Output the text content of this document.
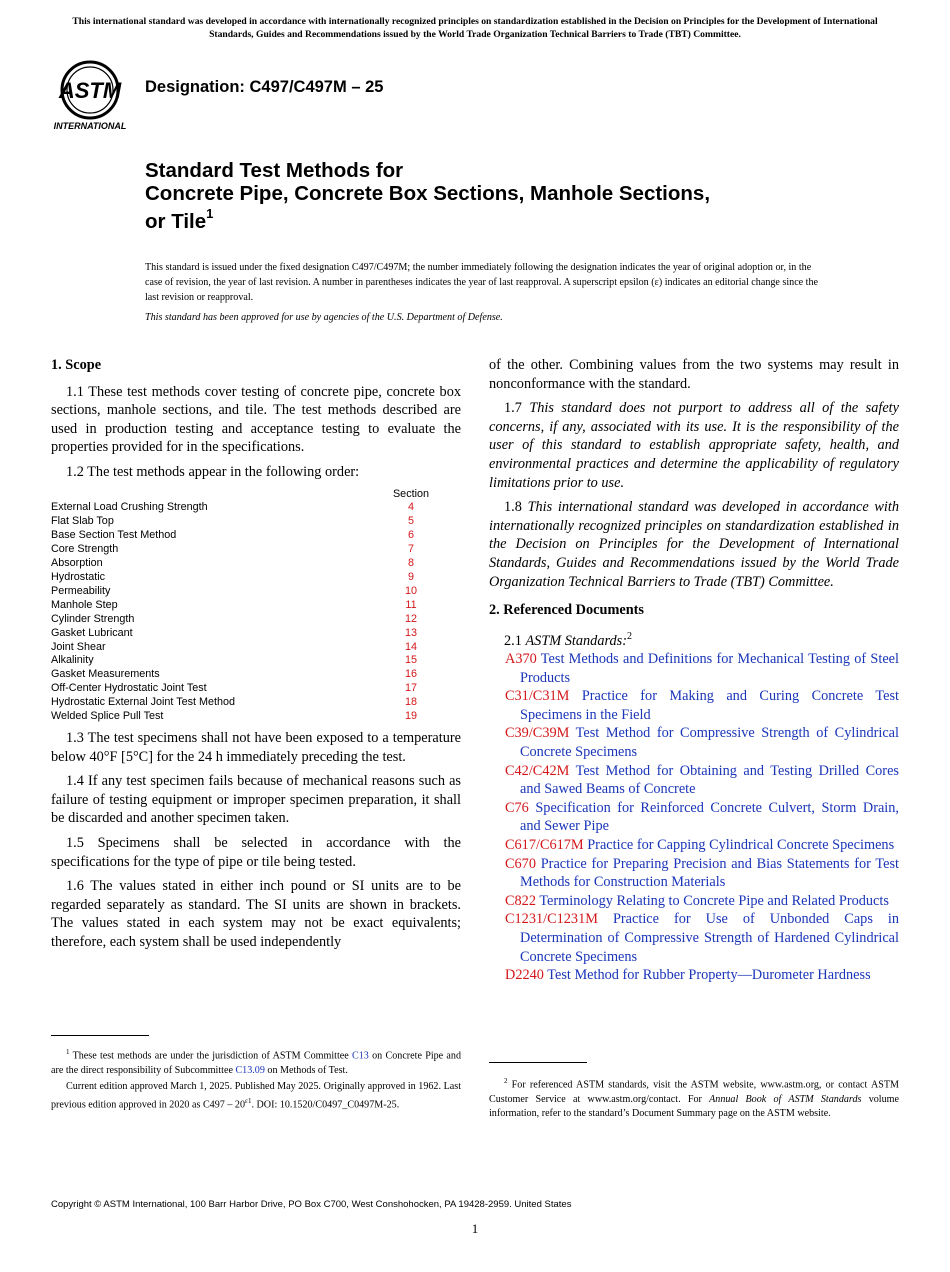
This international standard was developed in accordance with internationally recognized principles on standardization established in the Decision on Principles for the Development of International Standards, Guides and Recommendations issued by the World Trade Organization Technical Barriers to Trade (TBT) Committee.
ASTM
INTERNATIONAL
Designation: C497/C497M – 25
Standard Test Methods for
Concrete Pipe, Concrete Box Sections, Manhole Sections,
or Tile$^1$
This standard is issued under the fixed designation C497/C497M; the number immediately following the designation indicates the year of original adoption or, in the case of revision, the year of last revision. A number in parentheses indicates the year of last reapproval. A superscript epsilon (ε) indicates an editorial change since the last revision or reapproval.
This standard has been approved for use by agencies of the U.S. Department of Defense.
1. Scope

1.1 These test methods cover testing of concrete pipe, concrete box sections, manhole sections, and tile. The test methods described are used in production testing and acceptance testing to evaluate the properties provided for in the specifications.

1.2 The test methods appear in the following order:

Section
External Load Crushing Strength	4
Flat Slab Top	5
Base Section Test Method	6
Core Strength	7
Absorption	8
Hydrostatic	9
Permeability	10
Manhole Step	11
Cylinder Strength	12
Gasket Lubricant	13
Joint Shear	14
Alkalinity	15
Gasket Measurements	16
Off-Center Hydrostatic Joint Test	17
Hydrostatic External Joint Test Method	18
Welded Splice Pull Test	19

1.3 The test specimens shall not have been exposed to a temperature below 40°F [5°C] for the 24 h immediately preceding the test.

1.4 If any test specimen fails because of mechanical reasons such as failure of testing equipment or improper specimen preparation, it shall be discarded and another specimen taken.

1.5 Specimens shall be selected in accordance with the specifications for the type of pipe or tile being tested.

1.6 The values stated in either inch pound or SI units are to be regarded separately as standard. The SI units are shown in brackets. The values stated in each system may not be exact equivalents; therefore, each system shall be used independently

of the other. Combining values from the two systems may result in nonconformance with the standard.

1.7 This standard does not purport to address all of the safety concerns, if any, associated with its use. It is the responsibility of the user of this standard to establish appropriate safety, health, and environmental practices and determine the applicability of regulatory limitations prior to use.

1.8 This international standard was developed in accordance with internationally recognized principles on standardization established in the Decision on Principles for the Development of International Standards, Guides and Recommendations issued by the World Trade Organization Technical Barriers to Trade (TBT) Committee.

2. Referenced Documents

2.1 ASTM Standards:$^2$

A370 Test Methods and Definitions for Mechanical Testing of Steel Products
C31/C31M Practice for Making and Curing Concrete Test Specimens in the Field
C39/C39M Test Method for Compressive Strength of Cylindrical Concrete Specimens
C42/C42M Test Method for Obtaining and Testing Drilled Cores and Sawed Beams of Concrete
C76 Specification for Reinforced Concrete Culvert, Storm Drain, and Sewer Pipe
C617/C617M Practice for Capping Cylindrical Concrete Specimens
C670 Practice for Preparing Precision and Bias Statements for Test Methods for Construction Materials
C822 Terminology Relating to Concrete Pipe and Related Products
C1231/C1231M Practice for Use of Unbonded Caps in Determination of Compressive Strength of Hardened Cylindrical Concrete Specimens
D2240 Test Method for Rubber Property—Durometer Hardness

$^1$ These test methods are under the jurisdiction of ASTM Committee C13 on Concrete Pipe and are the direct responsibility of Subcommittee C13.09 on Methods of Test.

Current edition approved March 1, 2025. Published May 2025. Originally approved in 1962. Last previous edition approved in 2020 as $C497 - 20^{\varepsilon 1}$. DOI: 10.1520/C0497_C0497M-25.

$^2$ For referenced ASTM standards, visit the ASTM website, www.astm.org, or contact ASTM Customer Service at www.astm.org/contact. For Annual Book of ASTM Standards volume information, refer to the standard’s Document Summary page on the ASTM website.

Copyright © ASTM International, 100 Barr Harbor Drive, PO Box C700, West Conshohocken, PA 19428-2959. United States
1
